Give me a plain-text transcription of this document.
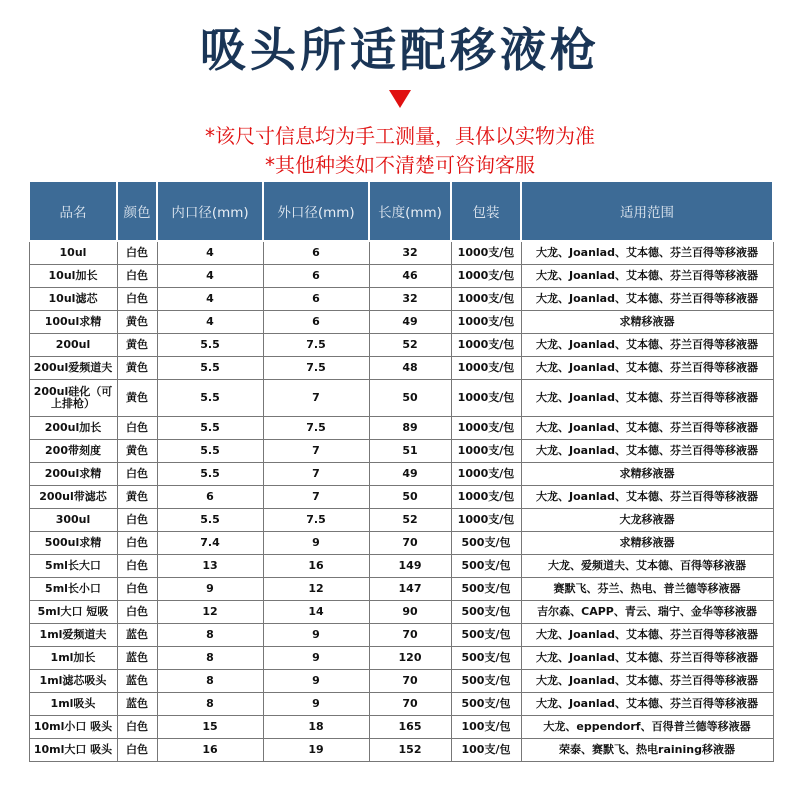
吸头所适配移液枪
*该尺寸信息均为手工测量，具体以实物为准
*其他种类如不清楚可咨询客服
品名	颜色	内口径(mm)	外口径(mm)	长度(mm)	包装	适用范围
10ul	白色	4	6	32	1000支/包	大龙、Joanlad、艾本德、芬兰百得等移液器
10ul加长	白色	4	6	46	1000支/包	大龙、Joanlad、艾本德、芬兰百得等移液器
10ul滤芯	白色	4	6	32	1000支/包	大龙、Joanlad、艾本德、芬兰百得等移液器
100ul求精	黄色	4	6	49	1000支/包	求精移液器
200ul	黄色	5.5	7.5	52	1000支/包	大龙、Joanlad、艾本德、芬兰百得等移液器
200ul爱频道夫	黄色	5.5	7.5	48	1000支/包	大龙、Joanlad、艾本德、芬兰百得等移液器
200ul硅化（可上排枪）	黄色	5.5	7	50	1000支/包	大龙、Joanlad、艾本德、芬兰百得等移液器
200ul加长	白色	5.5	7.5	89	1000支/包	大龙、Joanlad、艾本德、芬兰百得等移液器
200带刻度	黄色	5.5	7	51	1000支/包	大龙、Joanlad、艾本德、芬兰百得等移液器
200ul求精	白色	5.5	7	49	1000支/包	求精移液器
200ul带滤芯	黄色	6	7	50	1000支/包	大龙、Joanlad、艾本德、芬兰百得等移液器
300ul	白色	5.5	7.5	52	1000支/包	大龙移液器
500ul求精	白色	7.4	9	70	500支/包	求精移液器
5ml长大口	白色	13	16	149	500支/包	大龙、爱频道夫、艾本德、百得等移液器
5ml长小口	白色	9	12	147	500支/包	赛默飞、芬兰、热电、普兰德等移液器
5ml大口 短吸	白色	12	14	90	500支/包	吉尔森、CAPP、青云、瑞宁、金华等移液器
1ml爱频道夫	蓝色	8	9	70	500支/包	大龙、Joanlad、艾本德、芬兰百得等移液器
1ml加长	蓝色	8	9	120	500支/包	大龙、Joanlad、艾本德、芬兰百得等移液器
1ml滤芯吸头	蓝色	8	9	70	500支/包	大龙、Joanlad、艾本德、芬兰百得等移液器
1ml吸头	蓝色	8	9	70	500支/包	大龙、Joanlad、艾本德、芬兰百得等移液器
10ml小口 吸头	白色	15	18	165	100支/包	大龙、eppendorf、百得普兰德等移液器
10ml大口 吸头	白色	16	19	152	100支/包	荣泰、赛默飞、热电raining移液器
